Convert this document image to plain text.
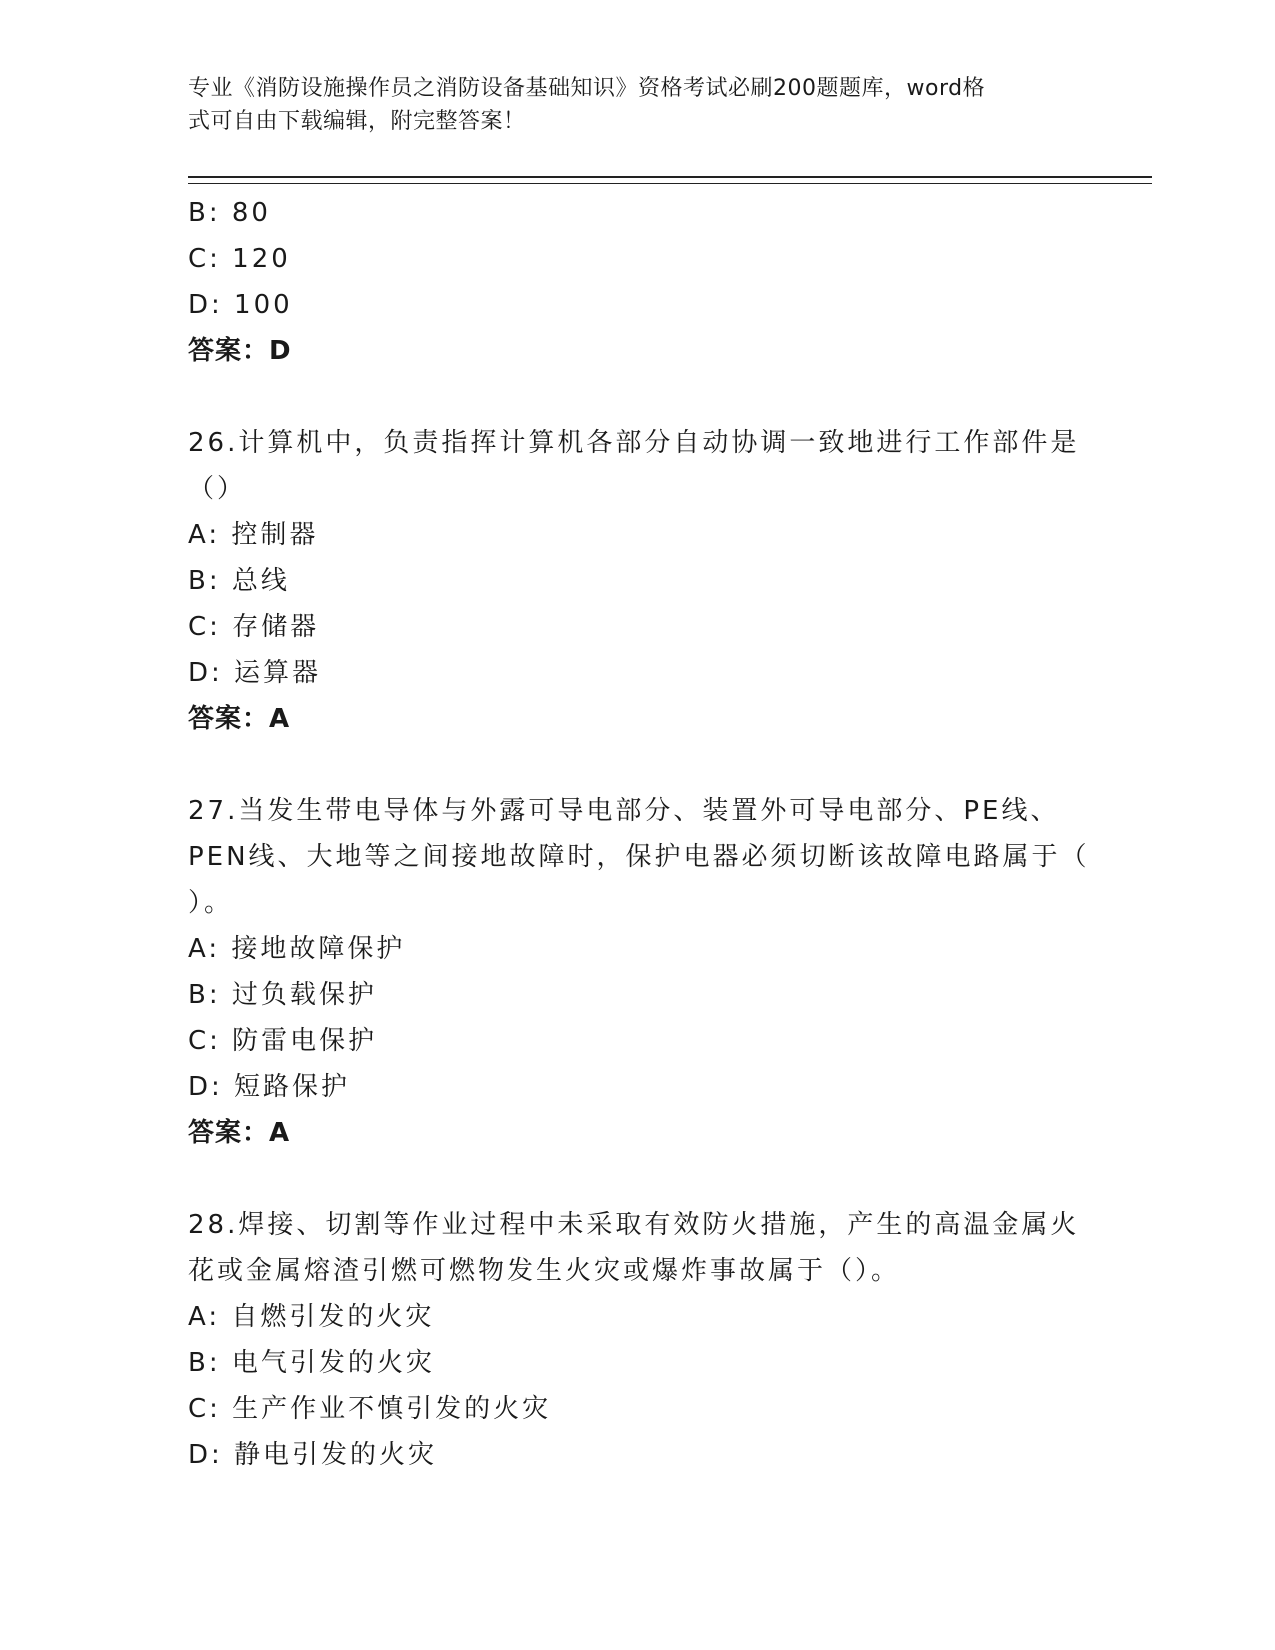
专业《消防设施操作员之消防设备基础知识》资格考试必刷200题题库，word格
式可自由下载编辑，附完整答案！
B: 80
C: 120
D: 100
答案：D
26.计算机中，负责指挥计算机各部分自动协调一致地进行工作部件是
（）
A: 控制器
B: 总线
C: 存储器
D: 运算器
答案：A
27.当发生带电导体与外露可导电部分、装置外可导电部分、PE线、
PEN线、大地等之间接地故障时，保护电器必须切断该故障电路属于（
）。
A: 接地故障保护
B: 过负载保护
C: 防雷电保护
D: 短路保护
答案：A
28.焊接、切割等作业过程中未采取有效防火措施，产生的高温金属火
花或金属熔渣引燃可燃物发生火灾或爆炸事故属于（）。
A: 自燃引发的火灾
B: 电气引发的火灾
C: 生产作业不慎引发的火灾
D: 静电引发的火灾
